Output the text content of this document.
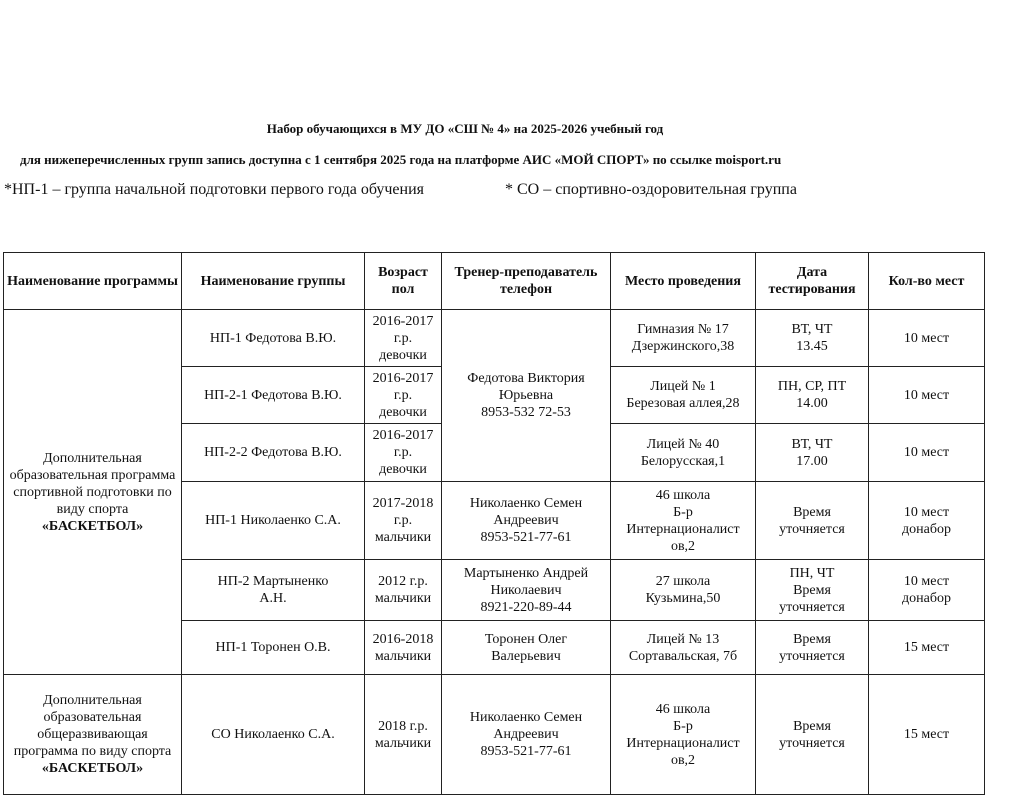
Набор обучающихся в МУ ДО «СШ № 4» на 2025-2026 учебный год
для нижеперечисленных групп запись доступна с 1 сентября 2025 года на платформе АИС «МОЙ СПОРТ» по ссылке moisport.ru
*НП-1 – группа начальной подготовки первого года обучения	* СО – спортивно-оздоровительная группа
Наименование программы	Наименование группы	Возраст пол	Тренер-преподаватель телефон	Место проведения	Дата тестирования	Кол-во мест
Дополнительная образовательная программа спортивной подготовки по виду спорта «БАСКЕТБОЛ»	НП-1 Федотова В.Ю.	2016-2017
г.р.
девочки	Федотова Виктория
Юрьевна
8953-532 72-53	Гимназия № 17
Дзержинского,38	ВТ, ЧТ
13.45	10 мест
	НП-2-1 Федотова В.Ю.	2016-2017
г.р.
девочки		Лицей № 1
Березовая аллея,28	ПН, СР, ПТ
14.00	10 мест
	НП-2-2 Федотова В.Ю.	2016-2017
г.р.
девочки		Лицей № 40
Белорусская,1	ВТ, ЧТ
17.00	10 мест
	НП-1 Николаенко С.А.	2017-2018
г.р.
мальчики	Николаенко Семен
Андреевич
8953-521-77-61	46 школа
Б-р
Интернационалист
ов,2	Время
уточняется	10 мест
донабор
	НП-2 Мартыненко
А.Н.	2012 г.р.
мальчики	Мартыненко Андрей
Николаевич
8921-220-89-44	27 школа
Кузьмина,50	ПН, ЧТ
Время
уточняется	10 мест
донабор
	НП-1 Торонен О.В.	2016-2018
мальчики	Торонен Олег
Валерьевич	Лицей № 13
Сортавальская, 7б	Время
уточняется	15 мест
Дополнительная образовательная общеразвивающая программа по виду спорта «БАСКЕТБОЛ»	СО Николаенко С.А.	2018 г.р.
мальчики	Николаенко Семен
Андреевич
8953-521-77-61	46 школа
Б-р
Интернационалист
ов,2	Время
уточняется	15 мест
